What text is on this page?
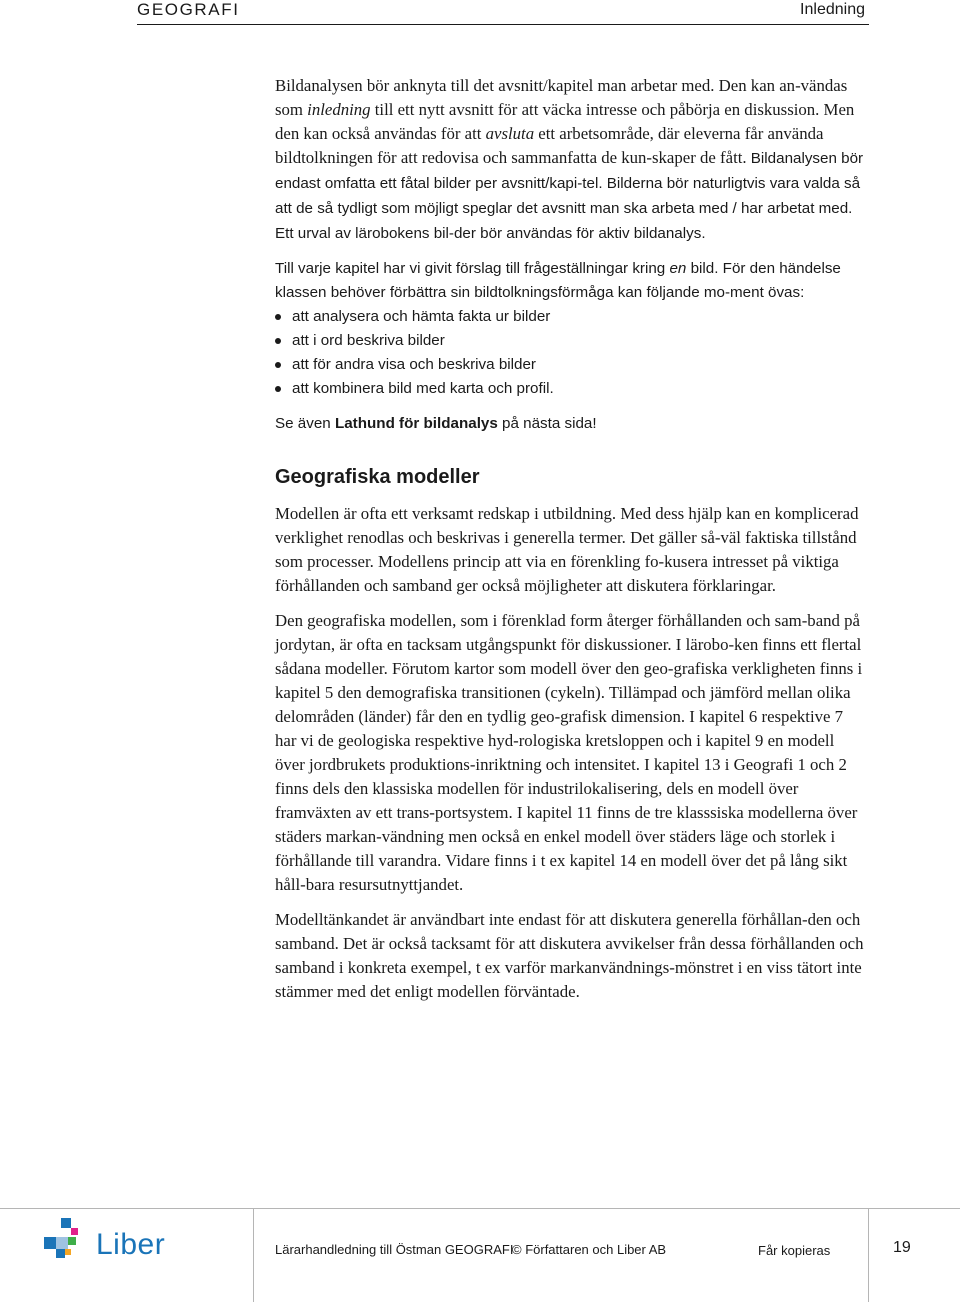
GEOGRAFI	Inledning

Bildanalysen bör anknyta till det avsnitt/kapitel man arbetar med. Den kan an-vändas som inledning till ett nytt avsnitt för att väcka intresse och påbörja en diskussion. Men den kan också användas för att avsluta ett arbetsområde, där eleverna får använda bildtolkningen för att redovisa och sammanfatta de kun-skaper de fått. Bildanalysen bör endast omfatta ett fåtal bilder per avsnitt/kapi-tel. Bilderna bör naturligtvis vara valda så att de så tydligt som möjligt speglar det avsnitt man ska arbeta med / har arbetat med. Ett urval av lärobokens bil-der bör användas för aktiv bildanalys.

Till varje kapitel har vi givit förslag till frågeställningar kring en bild. För den händelse klassen behöver förbättra sin bildtolkningsförmåga kan följande mo-ment övas:

att analysera och hämta fakta ur bilder
att i ord beskriva bilder
att för andra visa och beskriva bilder
att kombinera bild med karta och profil.

Se även Lathund för bildanalys på nästa sida!

Geografiska modeller

Modellen är ofta ett verksamt redskap i utbildning. Med dess hjälp kan en komplicerad verklighet renodlas och beskrivas i generella termer. Det gäller så-väl faktiska tillstånd som processer. Modellens princip att via en förenkling fo-kusera intresset på viktiga förhållanden och samband ger också möjligheter att diskutera förklaringar.

Den geografiska modellen, som i förenklad form återger förhållanden och sam-band på jordytan, är ofta en tacksam utgångspunkt för diskussioner. I lärobo-ken finns ett flertal sådana modeller. Förutom kartor som modell över den geo-grafiska verkligheten finns i kapitel 5 den demografiska transitionen (cykeln). Tillämpad och jämförd mellan olika delområden (länder) får den en tydlig geo-grafisk dimension. I kapitel 6 respektive 7 har vi de geologiska respektive hyd-rologiska kretsloppen och i kapitel 9 en modell över jordbrukets produktions-inriktning och intensitet. I kapitel 13 i Geografi 1 och 2 finns dels den klassiska modellen för industrilokalisering, dels en modell över framväxten av ett trans-portsystem. I kapitel 11 finns de tre klasssiska modellerna över städers markan-vändning men också en enkel modell över städers läge och storlek i förhållande till varandra. Vidare finns i t ex kapitel 14 en modell över det på lång sikt håll-bara resursutnyttjandet.

Modelltänkandet är användbart inte endast för att diskutera generella förhållan-den och samband. Det är också tacksamt för att diskutera avvikelser från dessa förhållanden och samband i konkreta exempel, t ex varför markanvändnings-mönstret i en viss tätort inte stämmer med det enligt modellen förväntade.

Liber	Lärarhandledning till Östman GEOGRAFI
© Författaren och Liber AB	Får kopieras	19
